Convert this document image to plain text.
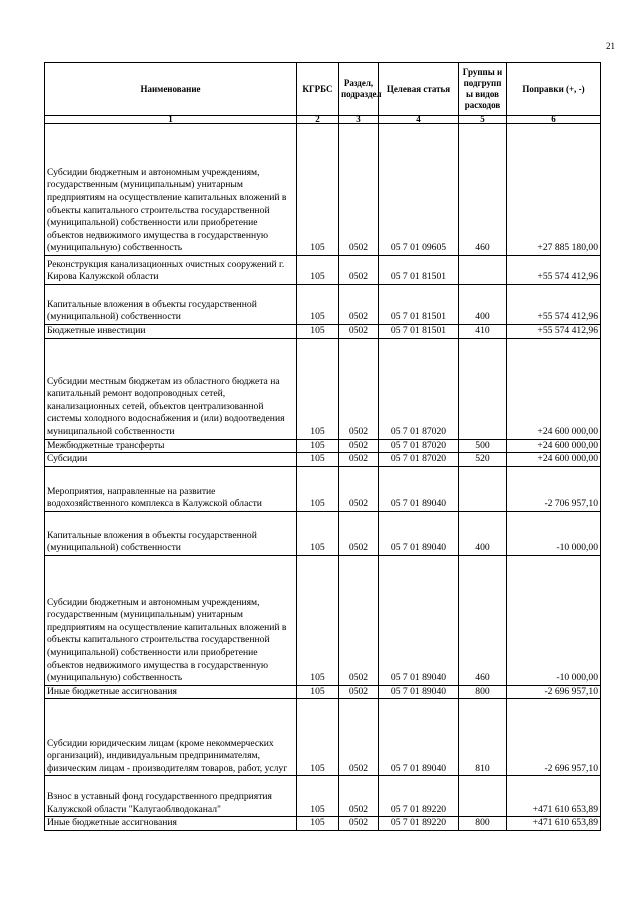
21
Наименование	КГРБС	Раздел, подраздел	Целевая статья	Группы и подгрупп ы видов расходов	Поправки (+, -)
1	2	3	4	5	6
Субсидии бюджетным и автономным учреждениям, государственным (муниципальным) унитарным предприятиям на осуществление капитальных вложений в объекты капитального строительства государственной (муниципальной) собственности или приобретение объектов недвижимого имущества в государственную (муниципальную) собственность	105	0502	05 7 01 09605	460	+27 885 180,00
Реконструкция канализационных очистных сооружений г. Кирова Калужской области	105	0502	05 7 01 81501		+55 574 412,96
Капитальные вложения в объекты государственной (муниципальной) собственности	105	0502	05 7 01 81501	400	+55 574 412,96
Бюджетные инвестиции	105	0502	05 7 01 81501	410	+55 574 412,96
Субсидии местным бюджетам из областного бюджета на капитальный ремонт водопроводных сетей, канализационных сетей, объектов централизованной системы холодного водоснабжения и (или) водоотведения муниципальной собственности	105	0502	05 7 01 87020		+24 600 000,00
Межбюджетные трансферты	105	0502	05 7 01 87020	500	+24 600 000,00
Субсидии	105	0502	05 7 01 87020	520	+24 600 000,00
Мероприятия, направленные на развитие водохозяйственного комплекса в Калужской области	105	0502	05 7 01 89040		-2 706 957,10
Капитальные вложения в объекты государственной (муниципальной) собственности	105	0502	05 7 01 89040	400	-10 000,00
Субсидии бюджетным и автономным учреждениям, государственным (муниципальным) унитарным предприятиям на осуществление капитальных вложений в объекты капитального строительства государственной (муниципальной) собственности или приобретение объектов недвижимого имущества в государственную (муниципальную) собственность	105	0502	05 7 01 89040	460	-10 000,00
Иные бюджетные ассигнования	105	0502	05 7 01 89040	800	-2 696 957,10
Субсидии юридическим лицам (кроме некоммерческих организаций), индивидуальным предпринимателям, физическим лицам - производителям товаров, работ, услуг	105	0502	05 7 01 89040	810	-2 696 957,10
Взнос в уставный фонд государственного предприятия Калужской области "Калугаоблводоканал"	105	0502	05 7 01 89220		+471 610 653,89
Иные бюджетные ассигнования	105	0502	05 7 01 89220	800	+471 610 653,89
